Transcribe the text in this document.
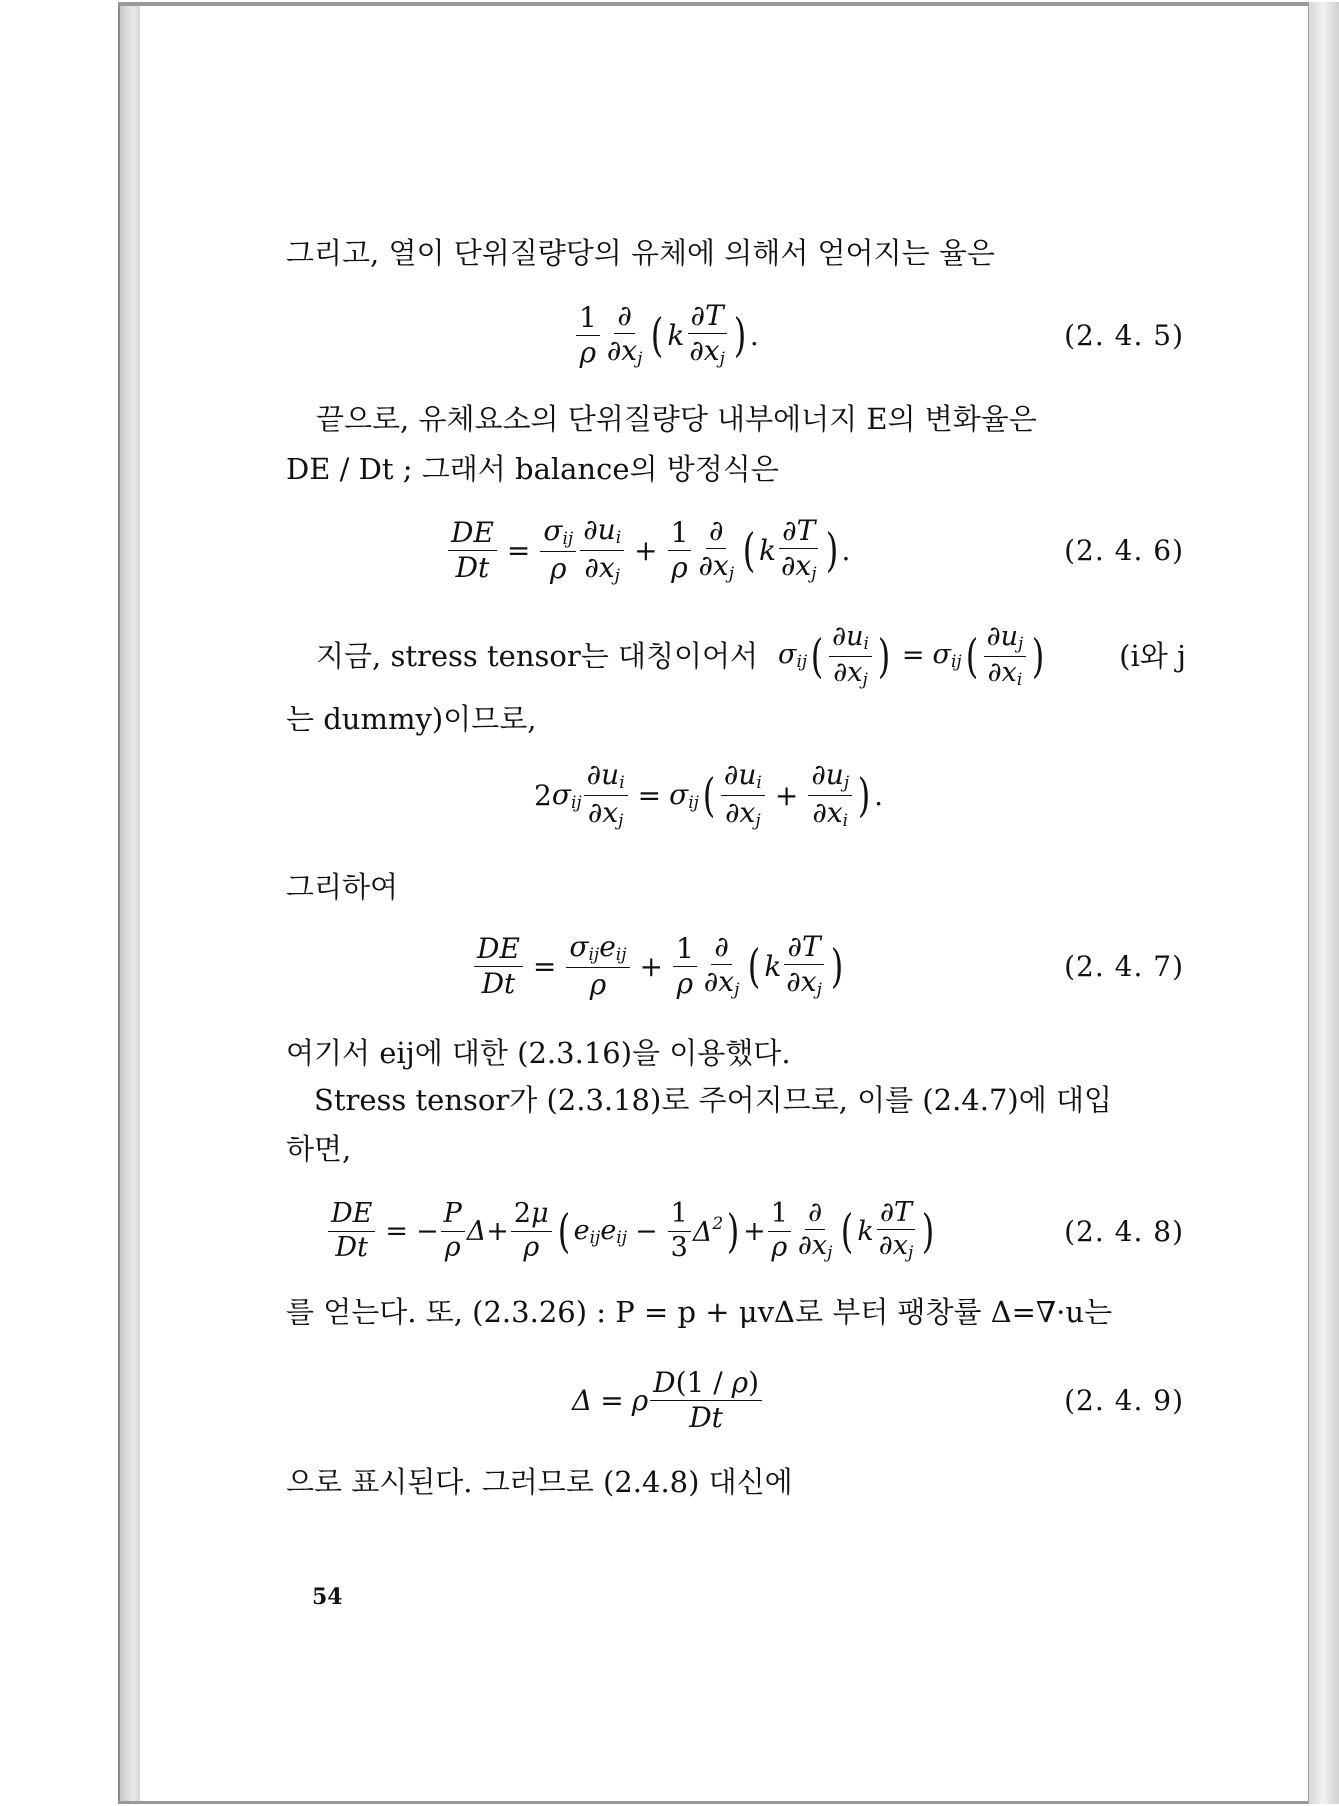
그리고, 열이 단위질량당의 유체에 의해서 얻어지는 율은
$\frac{1}{\rho} \frac{\partial}{\partial x_j}$ ( k $\frac{\partial T}{\partial x_j}$ ) .	(2. 4. 5)
끝으로, 유체요소의 단위질량당 내부에너지 E의 변화율은
DE / Dt ; 그래서 balance의 방정식은
$\frac{DE}{Dt} = \frac{\sigma_{ij}}{\rho} \frac{\partial u_i}{\partial x_j} + \frac{1}{\rho} \frac{\partial}{\partial x_j}$ ( k $\frac{\partial T}{\partial x_j}$ ) .	(2. 4. 6)
지금, stress tensor는 대칭이어서 $\sigma_{ij}$ ( $\frac{\partial u_i}{\partial x_j}$ ) = $\sigma_{ij}$ ( $\frac{\partial u_j}{\partial x_i}$ )	(i와 j
는 dummy)이므로,
2 $\sigma_{ij} \frac{\partial u_i}{\partial x_j} = \sigma_{ij}$ ( $\frac{\partial u_i}{\partial x_j} + \frac{\partial u_j}{\partial x_i}$ ) .
그리하여
$\frac{DE}{Dt} = \frac{\sigma_{ij}e_{ij}}{\rho} + \frac{1}{\rho} \frac{\partial}{\partial x_j}$ ( k $\frac{\partial T}{\partial x_j}$ )	(2. 4. 7)
여기서 eij에 대한 (2.3.16)을 이용했다.
Stress tensor가 (2.3.18)로 주어지므로, 이를 (2.4.7)에 대입
하면,
$\frac{DE}{Dt}$ = − $\frac{P}{\rho}$ $\Delta + \frac{2\mu}{\rho}$ ( $e_{ij}e_{ij} - \frac{1}{3} \Delta^2$ ) + $\frac{1}{\rho} \frac{\partial}{\partial x_j}$ ( k $\frac{\partial T}{\partial x_j}$ )	(2. 4. 8)
를 얻는다. 또, (2.3.26) : P = p + μvΔ로 부터 팽창률 Δ=∇·u는
Δ = ρ $\frac{D(1 / \rho)}{Dt}$	(2. 4. 9)
으로 표시된다. 그러므로 (2.4.8) 대신에
54
